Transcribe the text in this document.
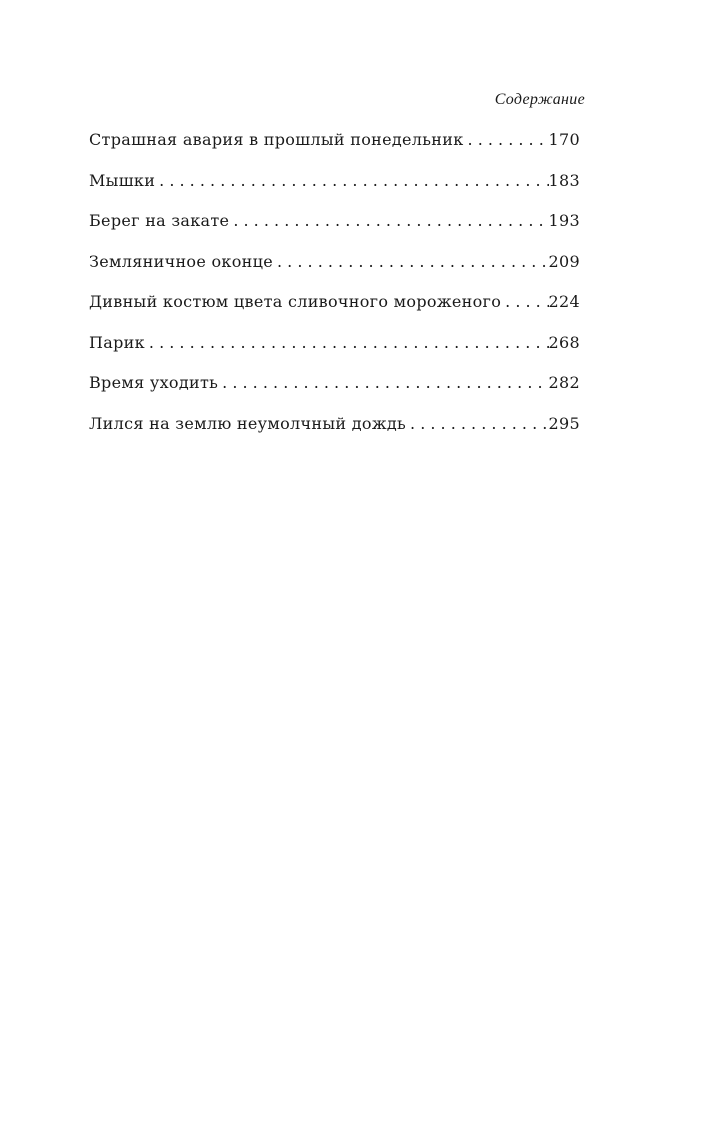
Содержание
Страшная авария в прошлый понедельник . . .	170
Мышки . . .	183
Берег на закате . . .	193
Земляничное оконце . . .	209
Дивный костюм цвета сливочного мороженого . . .	224
Парик . . .	268
Время уходить . . .	282
Лился на землю неумолчный дождь . . .	295
